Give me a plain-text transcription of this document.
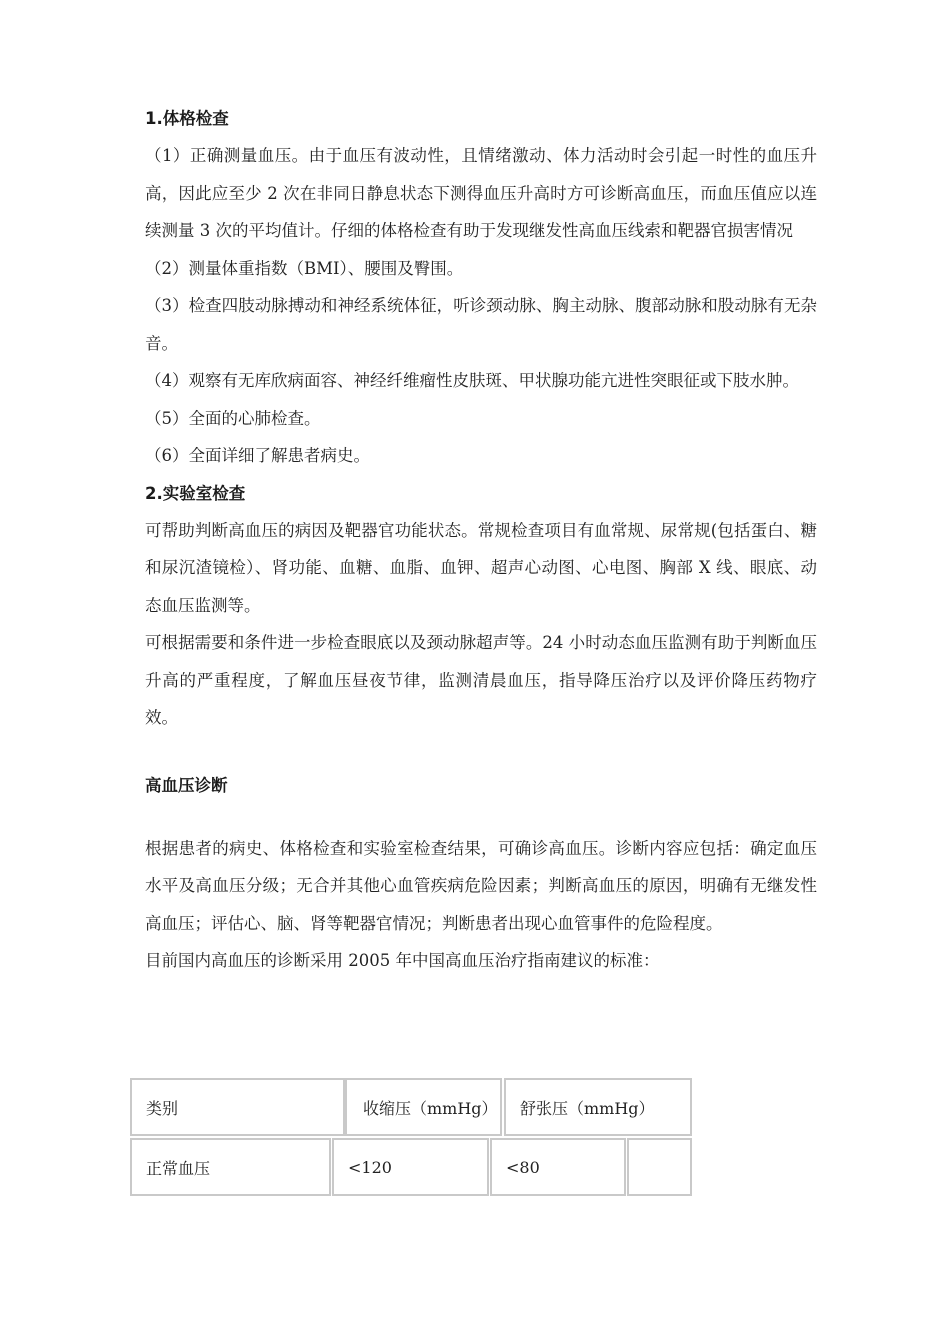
1.体格检查

（1）正确测量血压。由于血压有波动性，且情绪激动、体力活动时会引起一时性的血压升高，因此应至少 2 次在非同日静息状态下测得血压升高时方可诊断高血压，而血压值应以连续测量 3 次的平均值计。仔细的体格检查有助于发现继发性高血压线索和靶器官损害情况

（2）测量体重指数（BMI）、腰围及臀围。

（3）检查四肢动脉搏动和神经系统体征，听诊颈动脉、胸主动脉、腹部动脉和股动脉有无杂音。

（4）观察有无库欣病面容、神经纤维瘤性皮肤斑、甲状腺功能亢进性突眼征或下肢水肿。

（5）全面的心肺检查。

（6）全面详细了解患者病史。

2.实验室检查

可帮助判断高血压的病因及靶器官功能状态。常规检查项目有血常规、尿常规(包括蛋白、糖和尿沉渣镜检）、肾功能、血糖、血脂、血钾、超声心动图、心电图、胸部 X 线、眼底、动态血压监测等。

可根据需要和条件进一步检查眼底以及颈动脉超声等。24 小时动态血压监测有助于判断血压升高的严重程度，了解血压昼夜节律，监测清晨血压，指导降压治疗以及评价降压药物疗效。

高血压诊断

根据患者的病史、体格检查和实验室检查结果，可确诊高血压。诊断内容应包括：确定血压水平及高血压分级；无合并其他心血管疾病危险因素；判断高血压的原因，明确有无继发性高血压；评估心、脑、肾等靶器官情况；判断患者出现心血管事件的危险程度。

目前国内高血压的诊断采用 2005 年中国高血压治疗指南建议的标准：

类别	收缩压（mmHg）	舒张压（mmHg）
正常血压	<120	<80
